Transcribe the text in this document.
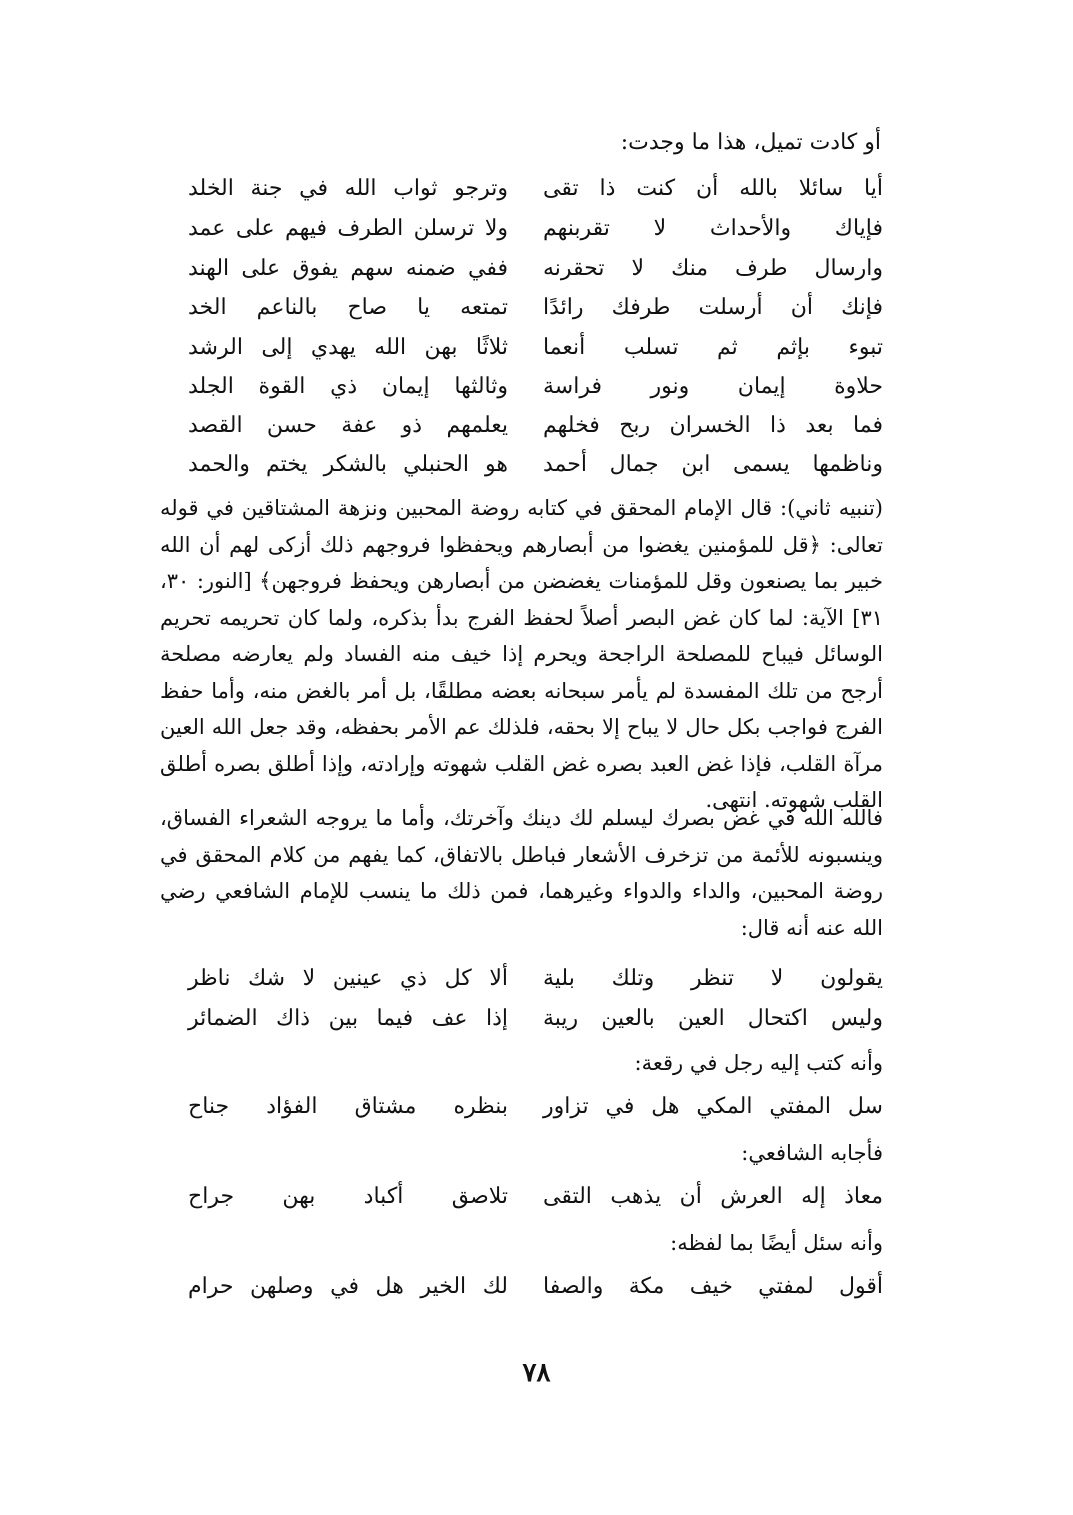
أو كادت تميل، هذا ما وجدت:
أيا سائلا بالله أن كنت ذا تقى
وترجو ثواب الله في جنة الخلد
فإياك والأحداث لا تقربنهم
ولا ترسلن الطرف فيهم على عمد
وارسال طرف منك لا تحقرنه
ففي ضمنه سهم يفوق على الهند
فإنك أن أرسلت طرفك رائدًا
تمتعه يا صاح بالناعم الخد
تبوء بإثم ثم تسلب أنعما
ثلاثًا بهن الله يهدي إلى الرشد
حلاوة إيمان ونور فراسة
وثالثها إيمان ذي القوة الجلد
فما بعد ذا الخسران ربح فخلهم
يعلمهم ذو عفة حسن القصد
وناظمها يسمى ابن جمال أحمد
هو الحنبلي بالشكر يختم والحمد

(تنبيه ثاني): قال الإمام المحقق في كتابه روضة المحبين ونزهة المشتاقين في قوله تعالى: ﴿قل للمؤمنين يغضوا من أبصارهم ويحفظوا فروجهم ذلك أزكى لهم أن الله خبير بما يصنعون وقل للمؤمنات يغضضن من أبصارهن ويحفظ فروجهن﴾ [النور: ٣٠، ٣١] الآية: لما كان غض البصر أصلاً لحفظ الفرج بدأ بذكره، ولما كان تحريمه تحريم الوسائل فيباح للمصلحة الراجحة ويحرم إذا خيف منه الفساد ولم يعارضه مصلحة أرجح من تلك المفسدة لم يأمر سبحانه بعضه مطلقًا، بل أمر بالغض منه، وأما حفظ الفرج فواجب بكل حال لا يباح إلا بحقه، فلذلك عم الأمر بحفظه، وقد جعل الله العين مرآة القلب، فإذا غض العبد بصره غض القلب شهوته وإرادته، وإذا أطلق بصره أطلق القلب شهوته. انتهى.

فالله الله في غض بصرك ليسلم لك دينك وآخرتك، وأما ما يروجه الشعراء الفساق، وينسبونه للأئمة من تزخرف الأشعار فباطل بالاتفاق، كما يفهم من كلام المحقق في روضة المحبين، والداء والدواء وغيرهما، فمن ذلك ما ينسب للإمام الشافعي رضي الله عنه أنه قال:

يقولون لا تنظر وتلك بلية
ألا كل ذي عينين لا شك ناظر
وليس اكتحال العين بالعين ريبة
إذا عف فيما بين ذاك الضمائر
وأنه كتب إليه رجل في رقعة:
سل المفتي المكي هل في تزاور
بنظره مشتاق الفؤاد جناح
فأجابه الشافعي:
معاذ إله العرش أن يذهب التقى
تلاصق أكباد بهن جراح
وأنه سئل أيضًا بما لفظه:
أقول لمفتي خيف مكة والصفا
لك الخير هل في وصلهن حرام
٧٨
